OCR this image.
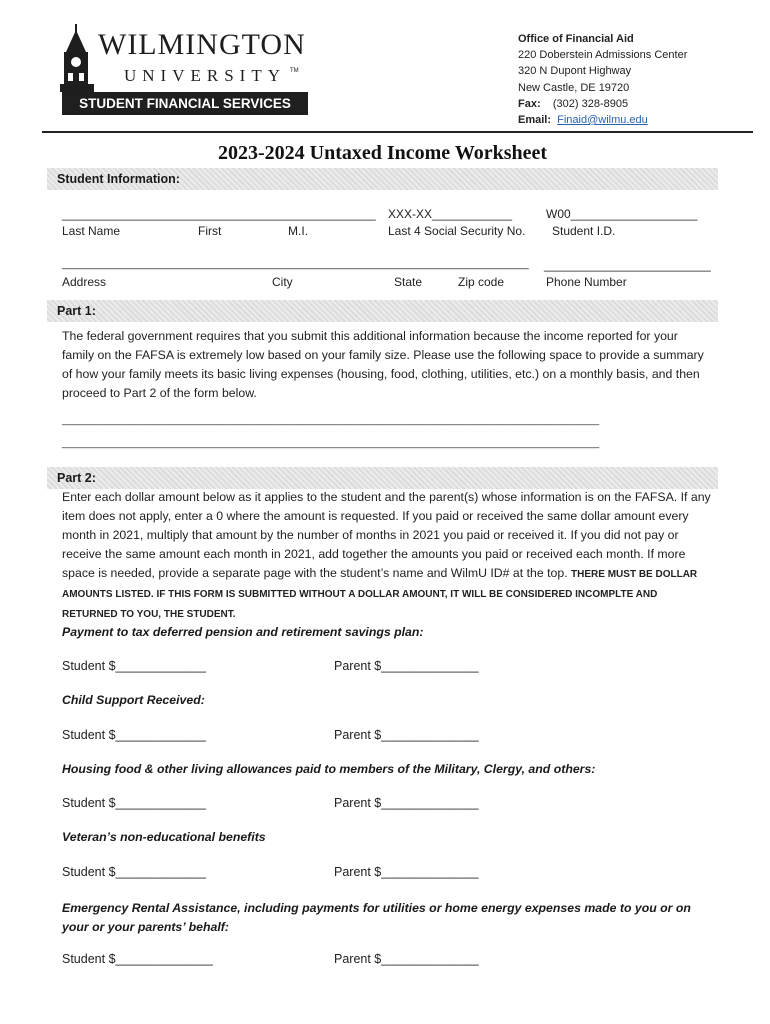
WILMINGTON
UNIVERSITY TM
STUDENT FINANCIAL SERVICES
Office of Financial Aid
220 Doberstein Admissions Center
320 N Dupont Highway
New Castle, DE 19720
Fax: (302) 328-8905
Email: Finaid@wilmu.edu
2023-2024 Untaxed Income Worksheet
Student Information:
_______________________________________________ XXX-XX____________	W00___________________
Last Name	First	M.I.	Last 4 Social Security No. Student I.D.
___________________________________________________________________________ _________________________
Address	City	State	Zip code	Phone Number
Part 1:
The federal government requires that you submit this additional information because the income reported for your family on the FAFSA is extremely low based on your family size. Please use the following space to provide a summary of how your family meets its basic living expenses (housing, food, clothing, utilities, etc.) on a monthly basis, and then proceed to Part 2 of the form below.
____________________________________________________________________________________________
____________________________________________________________________________________________
Part 2:
Enter each dollar amount below as it applies to the student and the parent(s) whose information is on the FAFSA. If any item does not apply, enter a 0 where the amount is requested. If you paid or received the same dollar amount every month in 2021, multiply that amount by the number of months in 2021 you paid or received it. If you did not pay or receive the same amount each month in 2021, add together the amounts you paid or received each month. If more space is needed, provide a separate page with the student’s name and WilmU ID# at the top. THERE MUST BE DOLLAR AMOUNTS LISTED. IF THIS FORM IS SUBMITTED WITHOUT A DOLLAR AMOUNT, IT WILL BE CONSIDERED INCOMPLTE AND RETURNED TO YOU, THE STUDENT.
Payment to tax deferred pension and retirement savings plan:
Student $_____________	Parent $______________
Child Support Received:
Student $_____________	Parent $______________
Housing food & other living allowances paid to members of the Military, Clergy, and others:
Student $_____________	Parent $______________
Veteran’s non-educational benefits
Student $_____________	Parent $______________
Emergency Rental Assistance, including payments for utilities or home energy expenses made to you or on your or your parents’ behalf:
Student $______________	Parent $______________
